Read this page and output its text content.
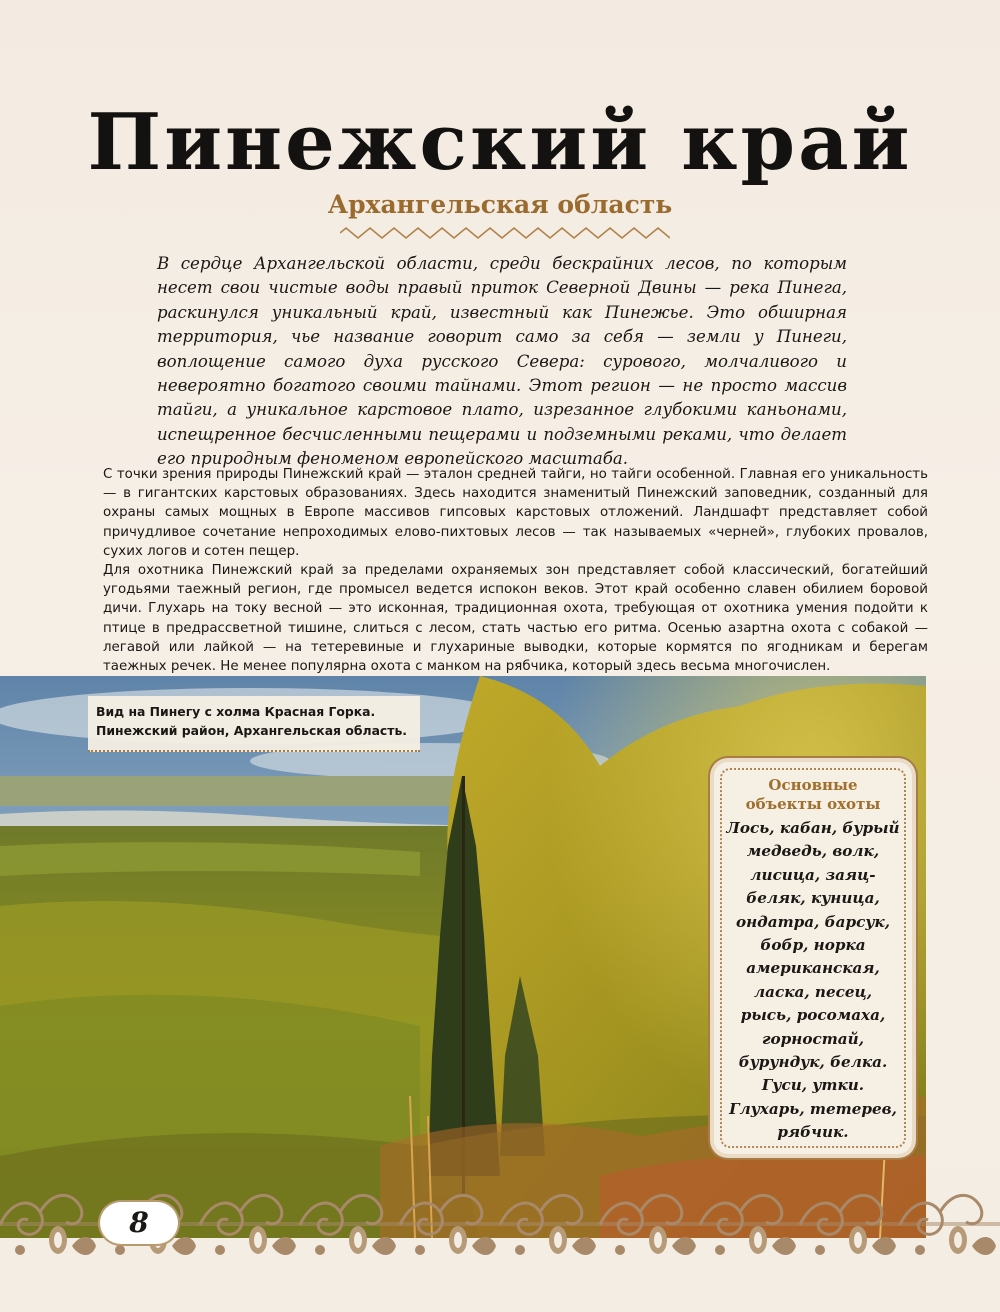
Пинежский край
Архангельская область
В сердце Архангельской области, среди бескрайних лесов, по которым несет свои чистые воды правый приток Северной Двины — река Пинега, раскинулся уникальный край, известный как Пинежье. Это обширная территория, чье название говорит само за себя — земли у Пинеги, воплощение самого духа русского Севера: сурового, молчаливого и невероятно богатого своими тайнами. Этот регион — не просто массив тайги, а уникальное карстовое плато, изрезанное глубокими каньонами, испещренное бесчисленными пещерами и подземными реками, что делает его природным феноменом европейского масштаба.

С точки зрения природы Пинежский край — эталон средней тайги, но тайги особенной. Главная его уникальность — в гигантских карстовых образованиях. Здесь находится знаменитый Пинежский заповедник, созданный для охраны самых мощных в Европе массивов гипсовых карстовых отложений. Ландшафт представляет собой причудливое сочетание непроходимых елово-пихтовых лесов — так называемых «черней», глубоких провалов, сухих логов и сотен пещер.

Для охотника Пинежский край за пределами охраняемых зон представляет собой классический, богатейший угодьями таежный регион, где промысел ведется испокон веков. Этот край особенно славен обилием боровой дичи. Глухарь на току весной — это исконная, традиционная охота, требующая от охотника умения подойти к птице в предрассветной тишине, слиться с лесом, стать частью его ритма. Осенью азартна охота с собакой — легавой или лайкой — на тетеревиные и глухариные выводки, которые кормятся по ягодникам и берегам таежных речек. Не менее популярна охота с манком на рябчика, который здесь весьма многочислен.

Вид на Пинегу с холма Красная Горка.
Пинежский район, Архангельская область.
Основные
объекты охоты
Лось, кабан, бурый
медведь, волк,
лисица, заяц-
беляк, куница,
ондатра, барсук,
бобр, норка
американская,
ласка, песец,
рысь, росомаха,
горностай,
бурундук, белка.
Гуси, утки.
Глухарь, тетерев,
рябчик.
8
